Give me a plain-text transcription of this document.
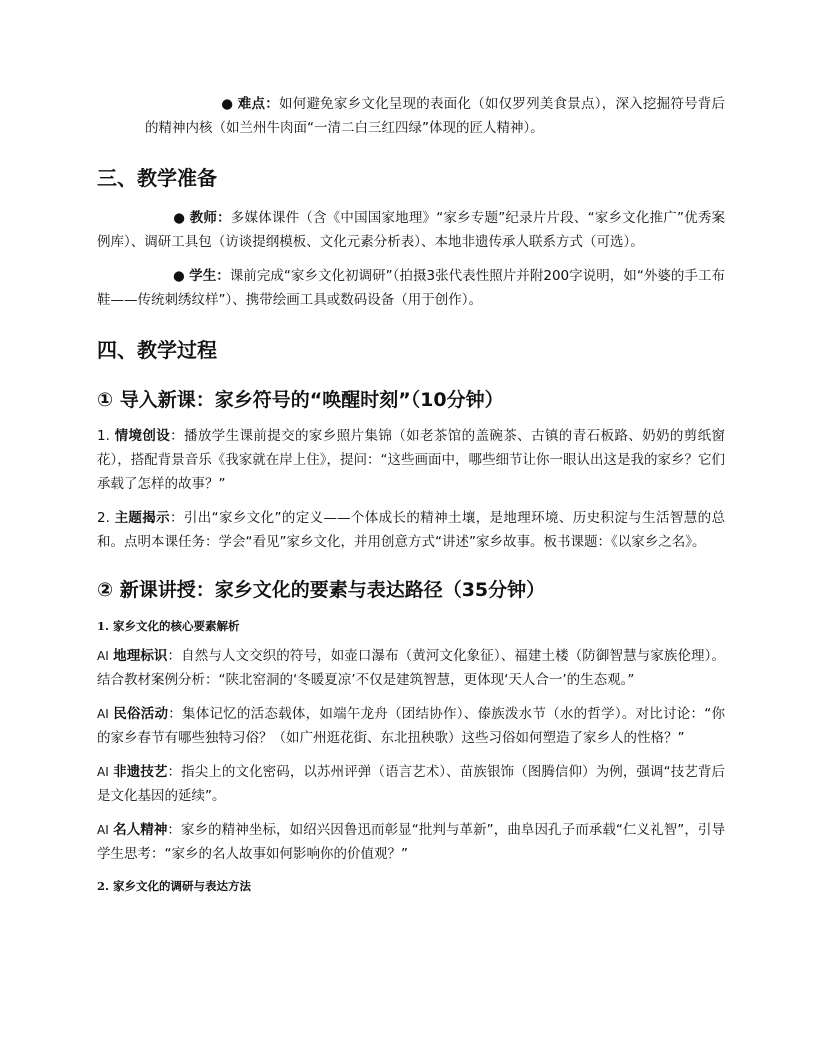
● 难点：如何避免家乡文化呈现的表面化（如仅罗列美食景点），深入挖掘符号背后的精神内核（如兰州牛肉面“一清二白三红四绿”体现的匠人精神）。

三、教学准备

● 教师：多媒体课件（含《中国国家地理》“家乡专题”纪录片片段、“家乡文化推广”优秀案例库）、调研工具包（访谈提纲模板、文化元素分析表）、本地非遗传承人联系方式（可选）。

● 学生：课前完成“家乡文化初调研”（拍摄3张代表性照片并附200字说明，如“外婆的手工布鞋——传统刺绣纹样”）、携带绘画工具或数码设备（用于创作）。

四、教学过程
① 导入新课：家乡符号的“唤醒时刻”（10分钟）

1. 情境创设：播放学生课前提交的家乡照片集锦（如老茶馆的盖碗茶、古镇的青石板路、奶奶的剪纸窗花），搭配背景音乐《我家就在岸上住》，提问：“这些画面中，哪些细节让你一眼认出这是我的家乡？它们承载了怎样的故事？”

2. 主题揭示：引出“家乡文化”的定义——个体成长的精神土壤，是地理环境、历史积淀与生活智慧的总和。点明本课任务：学会“看见”家乡文化，并用创意方式“讲述”家乡故事。板书课题：《以家乡之名》。

② 新课讲授：家乡文化的要素与表达路径（35分钟）

1. 家乡文化的核心要素解析

AI 地理标识：自然与人文交织的符号，如壶口瀑布（黄河文化象征）、福建土楼（防御智慧与家族伦理）。结合教材案例分析：“陕北窑洞的‘冬暖夏凉’不仅是建筑智慧，更体现‘天人合一’的生态观。”

AI 民俗活动：集体记忆的活态载体，如端午龙舟（团结协作）、傣族泼水节（水的哲学）。对比讨论：“你的家乡春节有哪些独特习俗？（如广州逛花街、东北扭秧歌）这些习俗如何塑造了家乡人的性格？”

AI 非遗技艺：指尖上的文化密码，以苏州评弹（语言艺术）、苗族银饰（图腾信仰）为例，强调“技艺背后是文化基因的延续”。

AI 名人精神：家乡的精神坐标，如绍兴因鲁迅而彰显“批判与革新”，曲阜因孔子而承载“仁义礼智”，引导学生思考：“家乡的名人故事如何影响你的价值观？”

2. 家乡文化的调研与表达方法
